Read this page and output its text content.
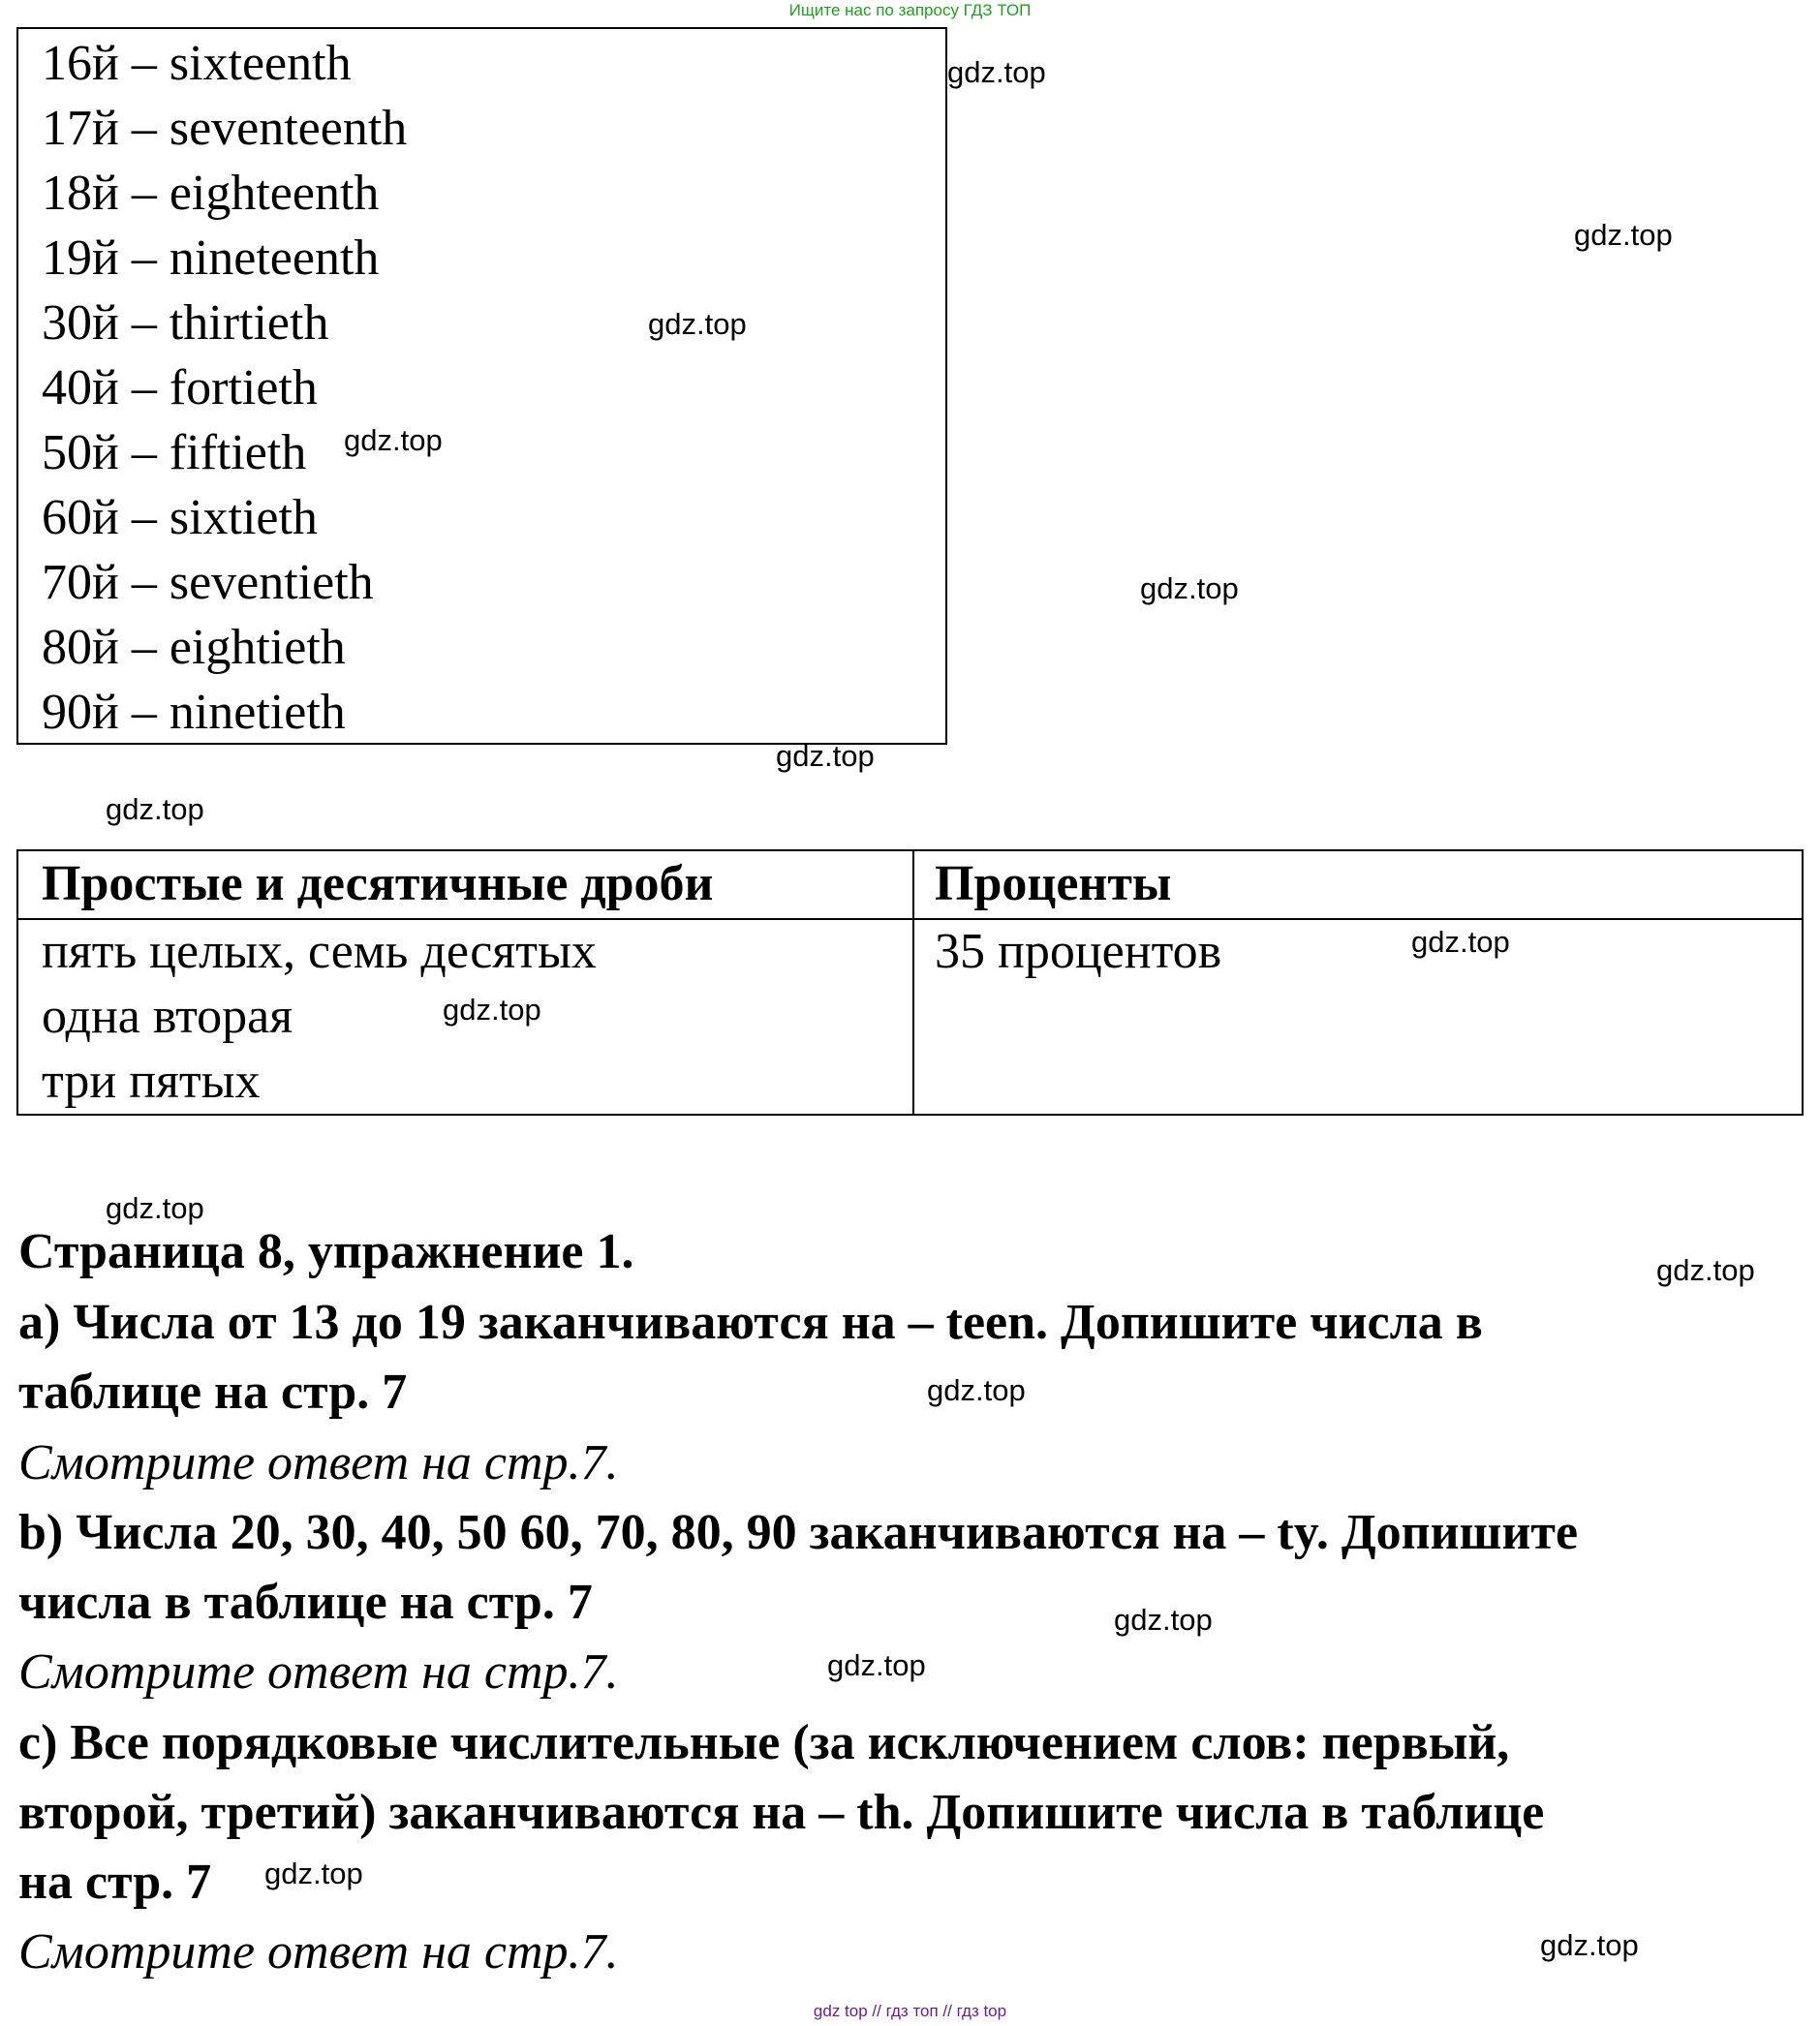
Ищите нас по запросу ГДЗ ТОП
16й – sixteenth
17й – seventeenth
18й – eighteenth
19й – nineteenth
30й – thirtieth
40й – fortieth
50й – fiftieth
60й – sixtieth
70й – seventieth
80й – eightieth
90й – ninetieth
Простые и десятичные дроби	Проценты
пять целых, семь десятых
одна вторая
три пятых
35 процентов
Страница 8, упражнение 1.
a) Числа от 13 до 19 заканчиваются на – teen. Допишите числа в
таблице на стр. 7
Смотрите ответ на стр.7.
b) Числа 20, 30, 40, 50 60, 70, 80, 90 заканчиваются на – ty. Допишите
числа в таблице на стр. 7
Смотрите ответ на стр.7.
c) Все порядковые числительные (за исключением слов: первый,
второй, третий) заканчиваются на – th. Допишите числа в таблице
на стр. 7
Смотрите ответ на стр.7.
gdz.top
gdz.top
gdz.top
gdz.top
gdz.top
gdz.top
gdz.top
gdz.top
gdz.top
gdz.top
gdz.top
gdz.top
gdz.top
gdz.top
gdz.top
gdz.top
gdz top // гдз топ // гдз top
